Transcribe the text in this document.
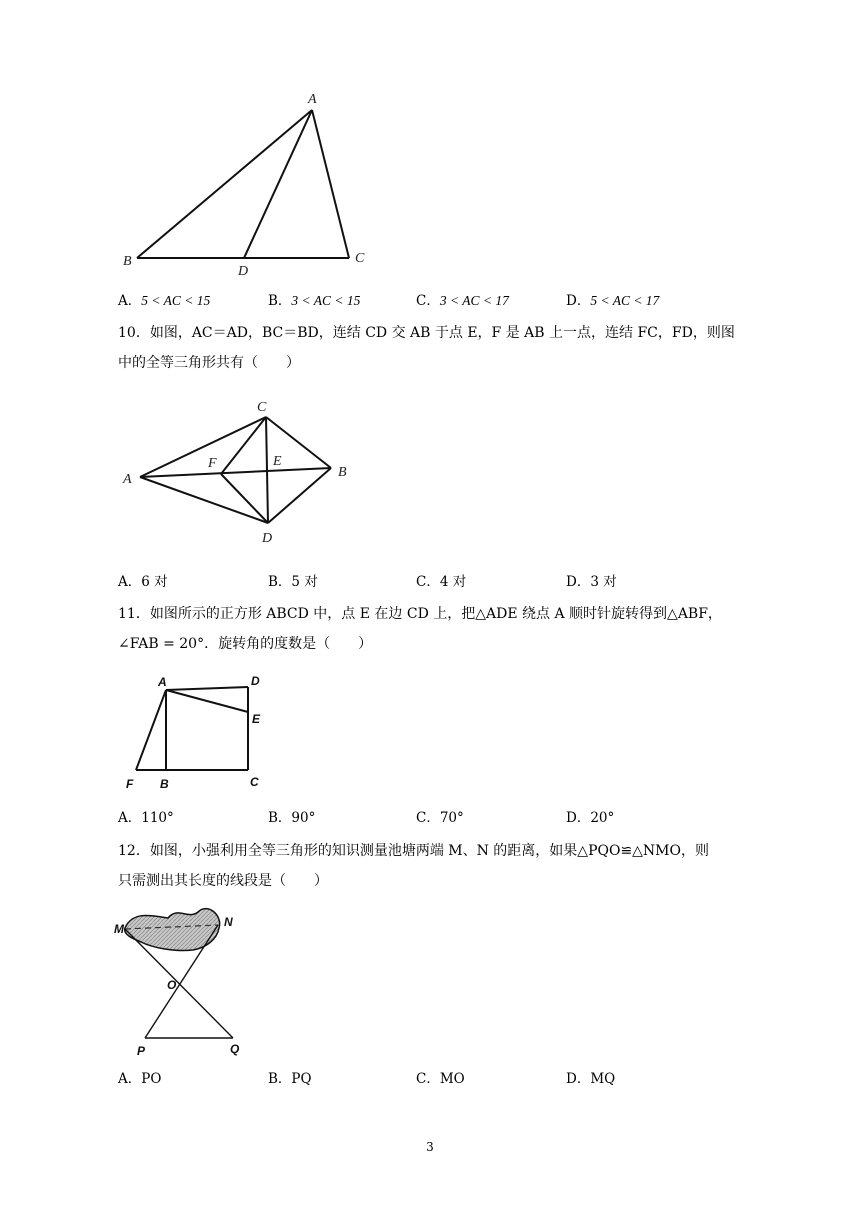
A
B	C
D
A．5 < AC < 15	B．3 < AC < 15	C．3 < AC < 17	D．5 < AC < 17
10．如图，AC＝AD，BC＝BD，连结 CD 交 AB 于点 E，F 是 AB 上一点，连结 FC，FD，则图
中的全等三角形共有（　　）
C
A
F	E
B
D
A．6 对	B．5 对	C．4 对	D．3 对
11．如图所示的正方形 ABCD 中，点 E 在边 CD 上，把△ADE 绕点 A 顺时针旋转得到△ABF，
∠FAB = 20°．旋转角的度数是（　　）
A	D
E
F B	C
A．110°	B．90°	C．70°	D．20°
12．如图，小强利用全等三角形的知识测量池塘两端 M、N 的距离，如果△PQO≌△NMO，则
只需测出其长度的线段是（　　）
M	N
O
P	Q
A．PO	B．PQ	C．MO	D．MQ
3
